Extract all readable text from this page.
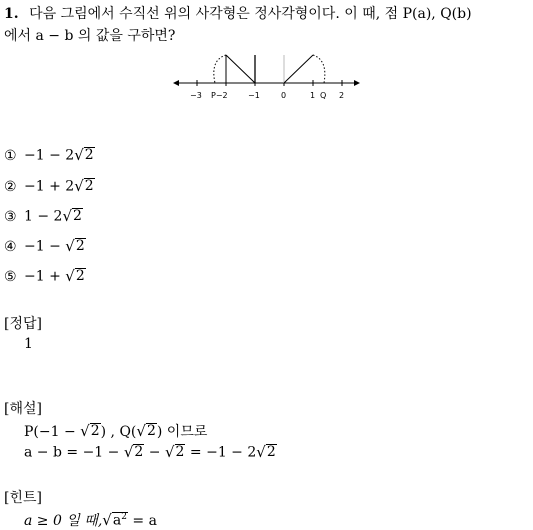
1. 다음 그림에서 수직선 위의 사각형은 정사각형이다. 이 때, 점 P(a), Q(b)
에서 a − b 의 값을 구하면?
−3 P−2	−1	0	1 Q 2
① −1 − 2 √ 2
② −1 + 2 √ 2
③ 1 − 2 √ 2
④ −1 − √ 2
⑤ −1 + √ 2
[정답]
1
[해설]
P(−1 − √ 2 ) , Q( √ 2 ) 이므로
a − b = −1 − √ 2 − √ 2 = −1 − 2 √ 2
[힌트]
a ≥ 0 일 때, √ $a^2 = a$
